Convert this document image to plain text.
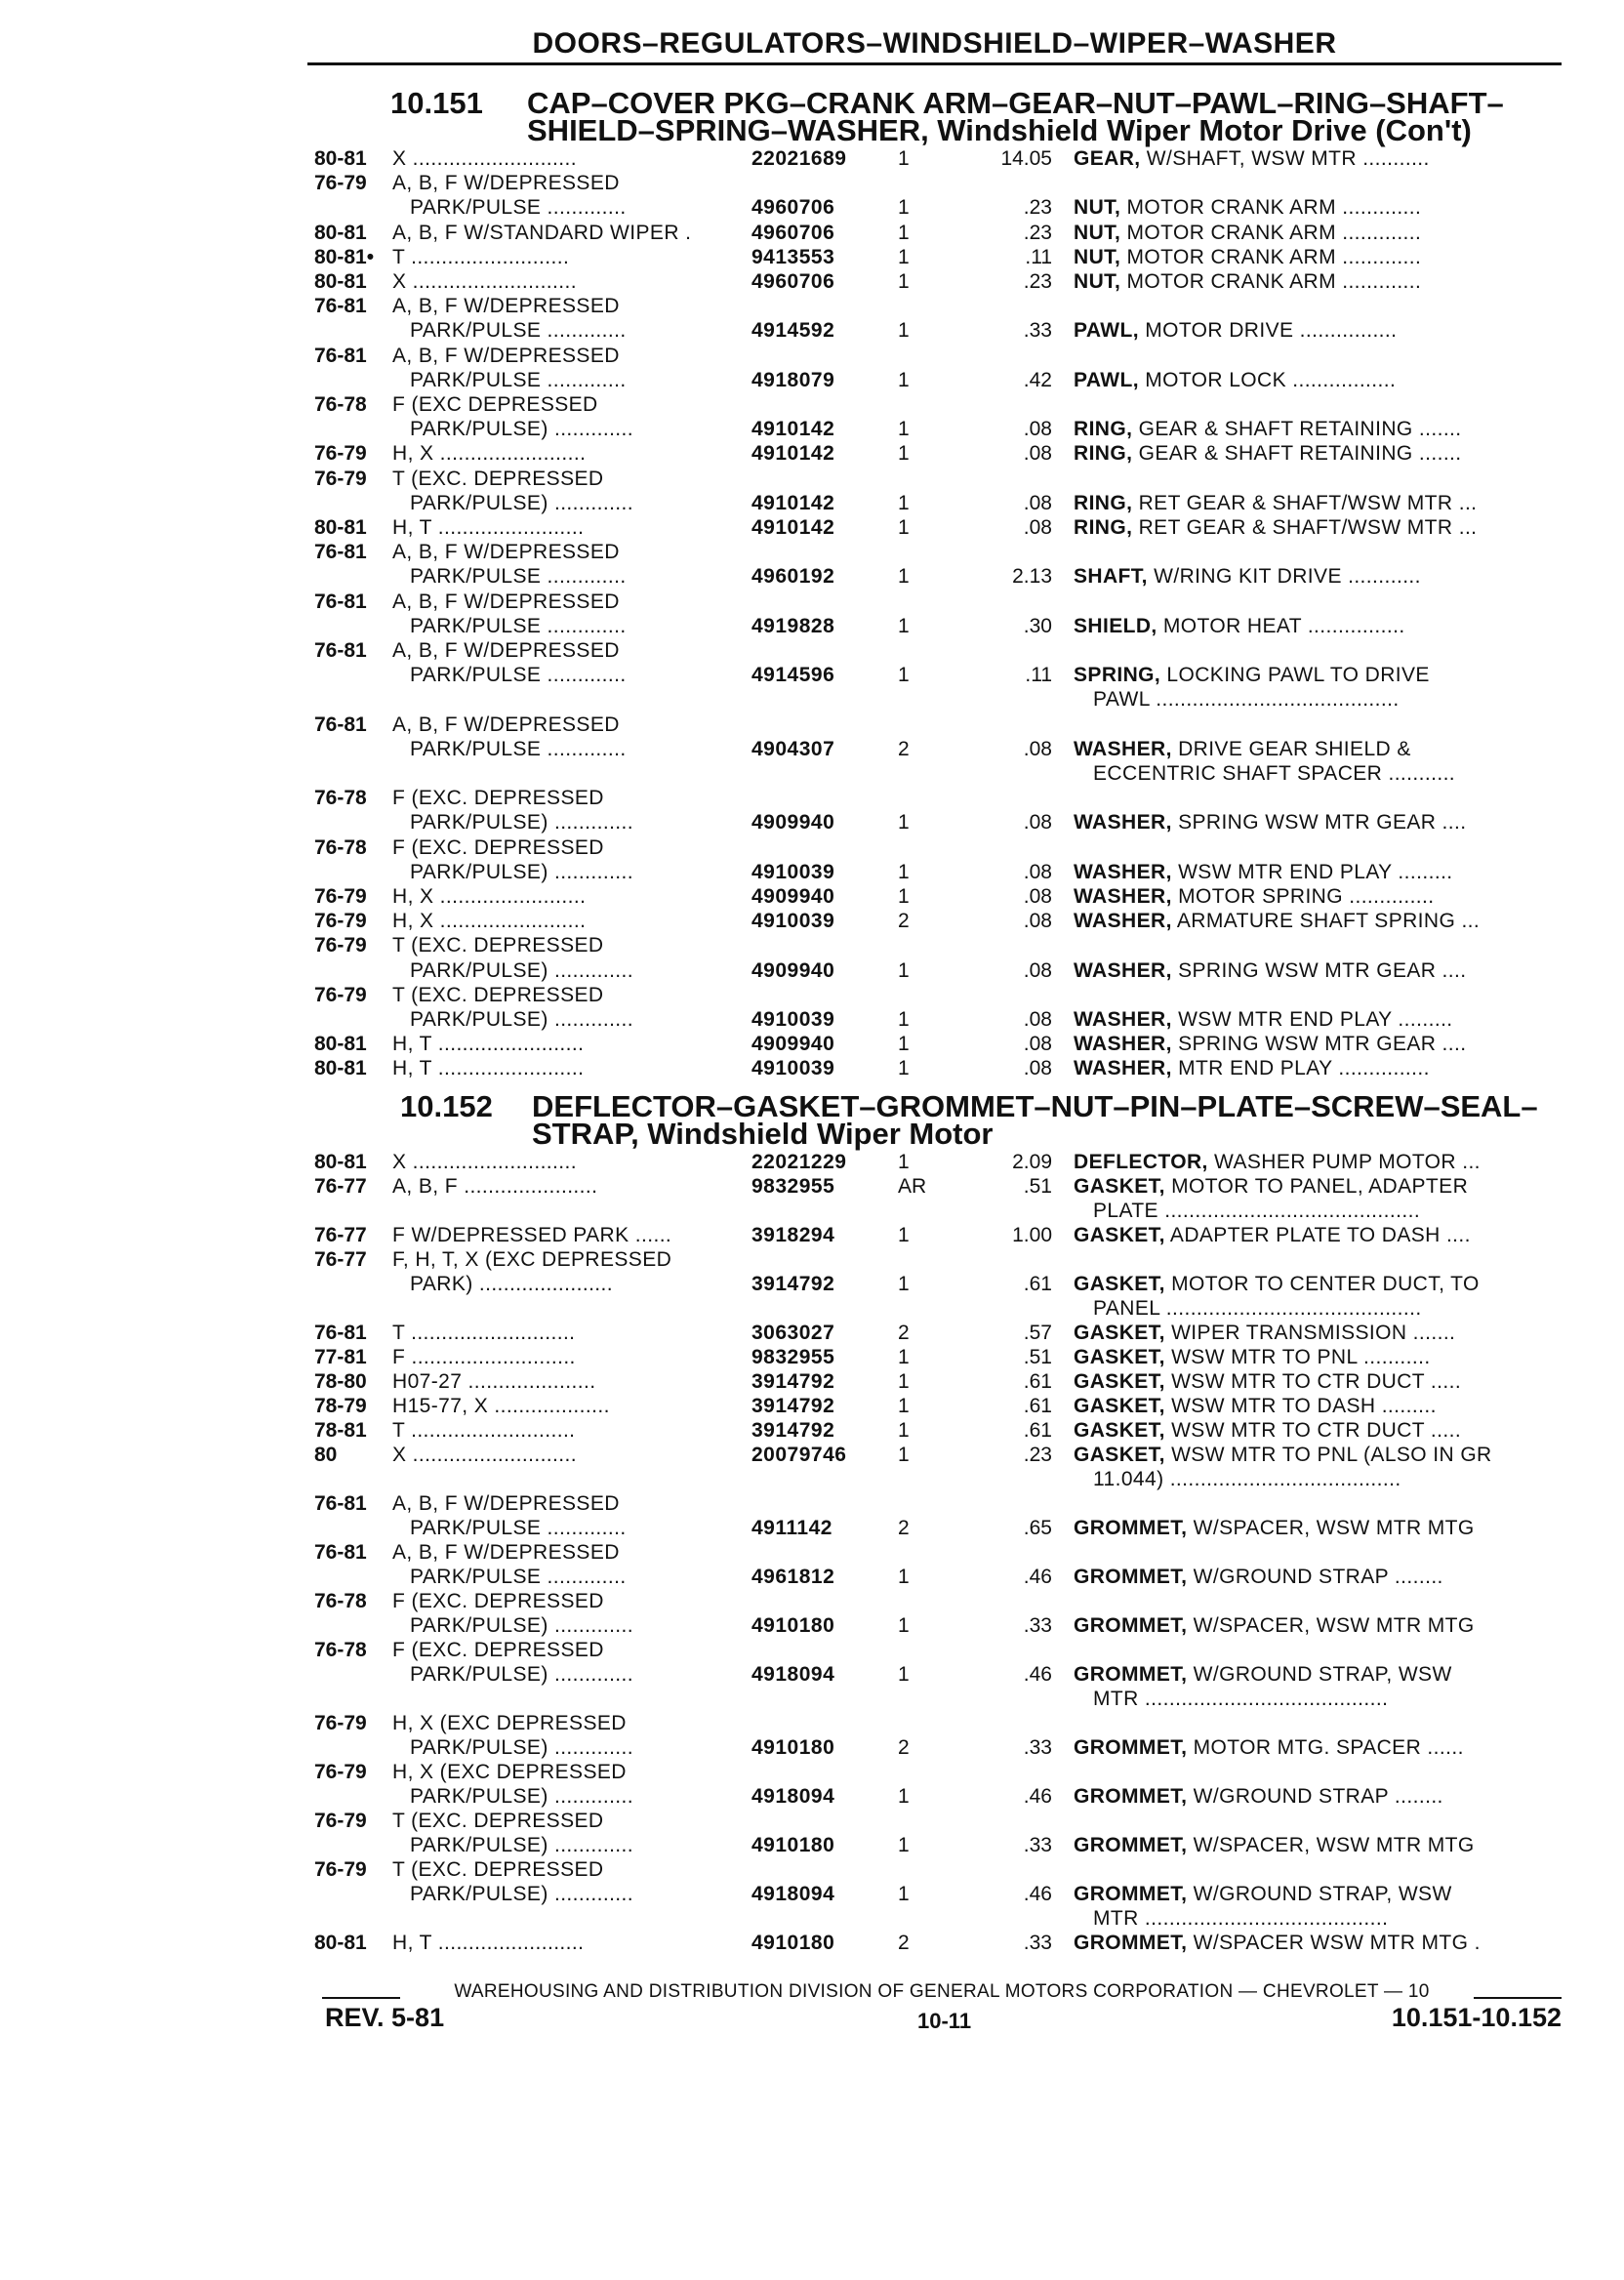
DOORS–REGULATORS–WINDSHIELD–WIPER–WASHER
10.151 CAP–COVER PKG–CRANK ARM–GEAR–NUT–PAWL–RING–SHAFT–
SHIELD–SPRING–WASHER, Windshield Wiper Motor Drive (Con't)
80-81	X ...........................	22021689	1	14.05 GEAR, W/SHAFT, WSW MTR ...........
76-79	A, B, F W/DEPRESSED
PARK/PULSE .............	4960706	1	.23 NUT, MOTOR CRANK ARM .............
80-81	A, B, F W/STANDARD WIPER .	4960706	1	.23 NUT, MOTOR CRANK ARM .............
80-81• T ..........................	9413553	1	.11 NUT, MOTOR CRANK ARM .............
80-81	X ...........................	4960706	1	.23 NUT, MOTOR CRANK ARM .............
76-81	A, B, F W/DEPRESSED
PARK/PULSE .............	4914592	1	.33 PAWL, MOTOR DRIVE ................
76-81	A, B, F W/DEPRESSED
PARK/PULSE .............	4918079	1	.42 PAWL, MOTOR LOCK .................
76-78	F (EXC DEPRESSED
PARK/PULSE) .............	4910142	1	.08 RING, GEAR & SHAFT RETAINING .......
76-79	H, X ........................	4910142	1	.08 RING, GEAR & SHAFT RETAINING .......
76-79	T (EXC. DEPRESSED
PARK/PULSE) .............	4910142	1	.08 RING, RET GEAR & SHAFT/WSW MTR ...
80-81	H, T ........................	4910142	1	.08 RING, RET GEAR & SHAFT/WSW MTR ...
76-81	A, B, F W/DEPRESSED
PARK/PULSE .............	4960192	1	2.13 SHAFT, W/RING KIT DRIVE ............
76-81	A, B, F W/DEPRESSED
PARK/PULSE .............	4919828	1	.30 SHIELD, MOTOR HEAT ................
76-81	A, B, F W/DEPRESSED
PARK/PULSE .............	4914596	1	.11 SPRING, LOCKING PAWL TO DRIVE
PAWL ........................................
76-81	A, B, F W/DEPRESSED
PARK/PULSE .............	4904307	2	.08 WASHER, DRIVE GEAR SHIELD &
ECCENTRIC SHAFT SPACER ...........
76-78	F (EXC. DEPRESSED
PARK/PULSE) .............	4909940	1	.08 WASHER, SPRING WSW MTR GEAR ....
76-78	F (EXC. DEPRESSED
PARK/PULSE) .............	4910039	1	.08 WASHER, WSW MTR END PLAY .........
76-79	H, X ........................	4909940	1	.08 WASHER, MOTOR SPRING ..............
76-79	H, X ........................	4910039	2	.08 WASHER, ARMATURE SHAFT SPRING ...
76-79	T (EXC. DEPRESSED
PARK/PULSE) .............	4909940	1	.08 WASHER, SPRING WSW MTR GEAR ....
76-79	T (EXC. DEPRESSED
PARK/PULSE) .............	4910039	1	.08 WASHER, WSW MTR END PLAY .........
80-81	H, T ........................	4909940	1	.08 WASHER, SPRING WSW MTR GEAR ....
80-81	H, T ........................	4910039	1	.08 WASHER, MTR END PLAY ...............
10.152 DEFLECTOR–GASKET–GROMMET–NUT–PIN–PLATE–SCREW–SEAL–
STRAP, Windshield Wiper Motor
80-81	X ...........................	22021229	1	2.09 DEFLECTOR, WASHER PUMP MOTOR ...
76-77	A, B, F ......................	9832955	AR	.51 GASKET, MOTOR TO PANEL, ADAPTER
PLATE ..........................................
76-77	F W/DEPRESSED PARK ......	3918294	1	1.00 GASKET, ADAPTER PLATE TO DASH ....
76-77	F, H, T, X (EXC DEPRESSED
PARK) ......................	3914792	1	.61 GASKET, MOTOR TO CENTER DUCT, TO
PANEL ..........................................
76-81	T ...........................	3063027	2	.57 GASKET, WIPER TRANSMISSION .......
77-81	F ...........................	9832955	1	.51 GASKET, WSW MTR TO PNL ...........
78-80	H07-27 .....................	3914792	1	.61 GASKET, WSW MTR TO CTR DUCT .....
78-79	H15-77, X ...................	3914792	1	.61 GASKET, WSW MTR TO DASH .........
78-81	T ...........................	3914792	1	.61 GASKET, WSW MTR TO CTR DUCT .....
80	X ...........................	20079746	1	.23 GASKET, WSW MTR TO PNL (ALSO IN GR
11.044) ......................................
76-81	A, B, F W/DEPRESSED
PARK/PULSE .............	4911142	2	.65 GROMMET, W/SPACER, WSW MTR MTG
76-81	A, B, F W/DEPRESSED
PARK/PULSE .............	4961812	1	.46 GROMMET, W/GROUND STRAP ........
76-78	F (EXC. DEPRESSED
PARK/PULSE) .............	4910180	1	.33 GROMMET, W/SPACER, WSW MTR MTG
76-78	F (EXC. DEPRESSED
PARK/PULSE) .............	4918094	1	.46 GROMMET, W/GROUND STRAP, WSW
MTR ........................................
76-79	H, X (EXC DEPRESSED
PARK/PULSE) .............	4910180	2	.33 GROMMET, MOTOR MTG. SPACER ......
76-79	H, X (EXC DEPRESSED
PARK/PULSE) .............	4918094	1	.46 GROMMET, W/GROUND STRAP ........
76-79	T (EXC. DEPRESSED
PARK/PULSE) .............	4910180	1	.33 GROMMET, W/SPACER, WSW MTR MTG
76-79	T (EXC. DEPRESSED
PARK/PULSE) .............	4918094	1	.46 GROMMET, W/GROUND STRAP, WSW
MTR ........................................
80-81	H, T ........................	4910180	2	.33 GROMMET, W/SPACER WSW MTR MTG .
WAREHOUSING AND DISTRIBUTION DIVISION OF GENERAL MOTORS CORPORATION — CHEVROLET — 10
REV. 5-81	10-11	10.151-10.152
